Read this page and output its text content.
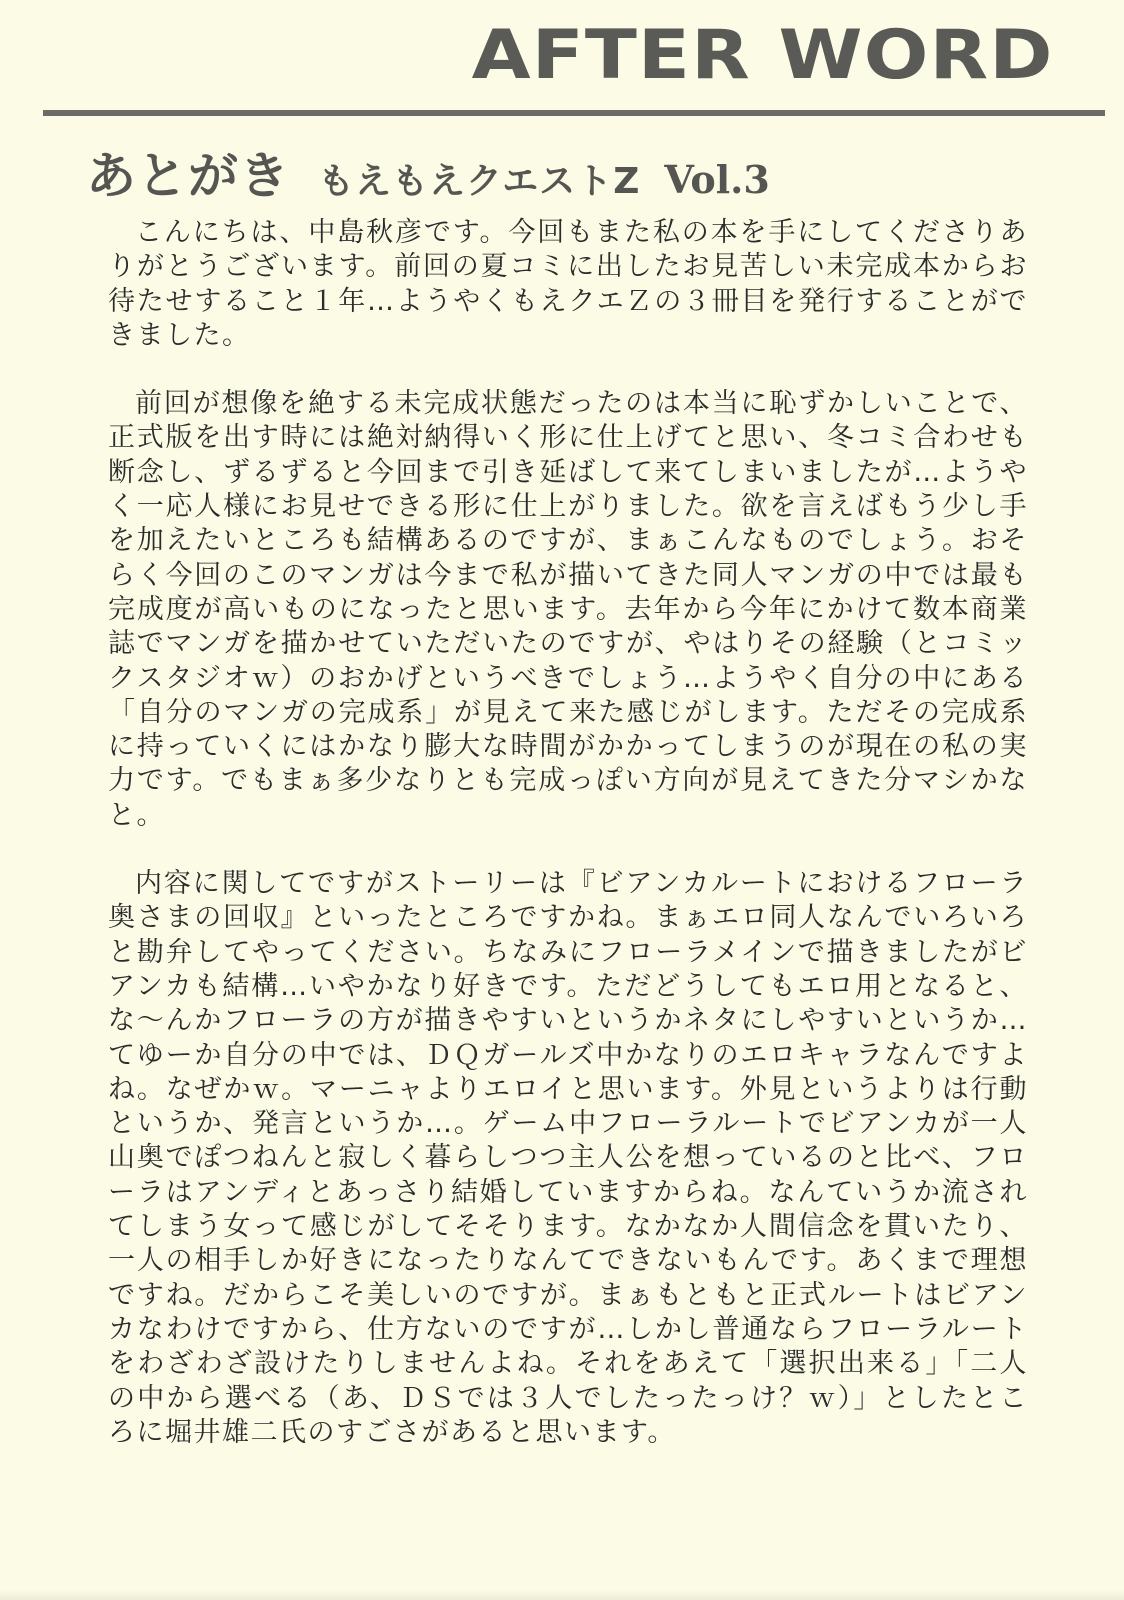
AFTER WORD
あとがき もえもえクエストZ Vol.3

こんにちは、中島秋彦です。今回もまた私の本を手にしてくださりありがとうございます。前回の夏コミに出したお見苦しい未完成本からお待たせすること１年…ようやくもえクエＺの３冊目を発行することができました。

前回が想像を絶する未完成状態だったのは本当に恥ずかしいことで、正式版を出す時には絶対納得いく形に仕上げてと思い、冬コミ合わせも断念し、ずるずると今回まで引き延ばして来てしまいましたが…ようやく一応人様にお見せできる形に仕上がりました。欲を言えばもう少し手を加えたいところも結構あるのですが、まぁこんなものでしょう。おそらく今回のこのマンガは今まで私が描いてきた同人マンガの中では最も完成度が高いものになったと思います。去年から今年にかけて数本商業誌でマンガを描かせていただいたのですが、やはりその経験（とコミックスタジオｗ）のおかげというべきでしょう…ようやく自分の中にある「自分のマンガの完成系」が見えて来た感じがします。ただその完成系に持っていくにはかなり膨大な時間がかかってしまうのが現在の私の実力です。でもまぁ多少なりとも完成っぽい方向が見えてきた分マシかなと。

内容に関してですがストーリーは『ビアンカルートにおけるフローラ奥さまの回収』といったところですかね。まぁエロ同人なんでいろいろと勘弁してやってください。ちなみにフローラメインで描きましたがビアンカも結構…いやかなり好きです。ただどうしてもエロ用となると、な～んかフローラの方が描きやすいというかネタにしやすいというか…てゆーか自分の中では、ＤＱガールズ中かなりのエロキャラなんですよね。なぜかｗ。マーニャよりエロイと思います。外見というよりは行動というか、発言というか…。ゲーム中フローラルートでビアンカが一人山奥でぽつねんと寂しく暮らしつつ主人公を想っているのと比べ、フローラはアンディとあっさり結婚していますからね。なんていうか流されてしまう女って感じがしてそそります。なかなか人間信念を貫いたり、一人の相手しか好きになったりなんてできないもんです。あくまで理想ですね。だからこそ美しいのですが。まぁもともと正式ルートはビアンカなわけですから、仕方ないのですが…しかし普通ならフローラルートをわざわざ設けたりしませんよね。それをあえて「選択出来る」「二人の中から選べる（あ、ＤＳでは３人でしたったっけ？ｗ）」としたところに堀井雄二氏のすごさがあると思います。
